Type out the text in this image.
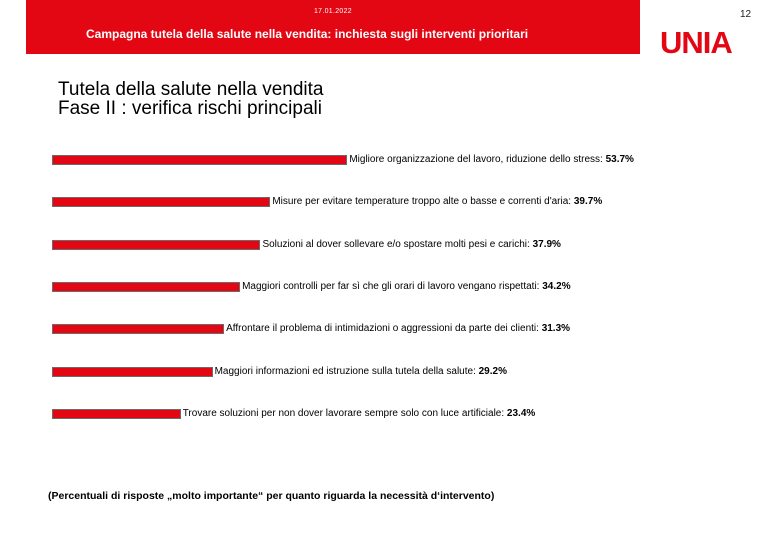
17.01.2022
Campagna tutela della salute nella vendita: inchiesta sugli interventi prioritari
12
UNIA
Tutela della salute nella vendita
Fase II : verifica rischi principali
Migliore organizzazione del lavoro, riduzione dello stress: 53.7%
Misure per evitare temperature troppo alte o basse e correnti d'aria: 39.7%
Soluzioni al dover sollevare e/o spostare molti pesi e carichi: 37.9%
Maggiori controlli per far sì che gli orari di lavoro vengano rispettati: 34.2%
Affrontare il problema di intimidazioni o aggressioni da parte dei clienti: 31.3%
Maggiori informazioni ed istruzione sulla tutela della salute: 29.2%
Trovare soluzioni per non dover lavorare sempre solo con luce artificiale: 23.4%
(Percentuali di risposte „molto importante“ per quanto riguarda la necessità d‘intervento)
